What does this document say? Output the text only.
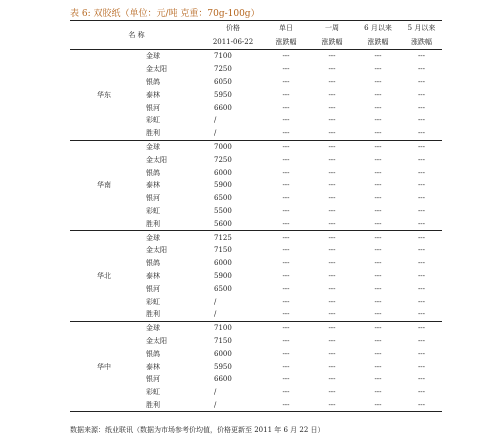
表 6: 双胶纸（单位：元/吨 克重：70g-100g）

名 称		价格	单日	一周	6 月以来	5 月以来
		2011-06-22	涨跌幅	涨跌幅	涨跌幅	涨跌幅
华东	金球	7100	---	---	---	---
	金太阳	7250	---	---	---	---
	银鸽	6050	---	---	---	---
	泰林	5950	---	---	---	---
	银河	6600	---	---	---	---
	彩虹	/	---	---	---	---
	胜利	/	---	---	---	---
华南	金球	7000	---	---	---	---
	金太阳	7250	---	---	---	---
	银鸽	6000	---	---	---	---
	泰林	5900	---	---	---	---
	银河	6500	---	---	---	---
	彩虹	5500	---	---	---	---
	胜利	5600	---	---	---	---
华北	金球	7125	---	---	---	---
	金太阳	7150	---	---	---	---
	银鸽	6000	---	---	---	---
	泰林	5900	---	---	---	---
	银河	6500	---	---	---	---
	彩虹	/	---	---	---	---
	胜利	/	---	---	---	---
华中	金球	7100	---	---	---	---
	金太阳	7150	---	---	---	---
	银鸽	6000	---	---	---	---
	泰林	5950	---	---	---	---
	银河	6600	---	---	---	---
	彩虹	/	---	---	---	---
	胜利	/	---	---	---	---
数据来源：纸业联讯（数据为市场参考价均值，价格更新至 2011 年 6 月 22 日）
